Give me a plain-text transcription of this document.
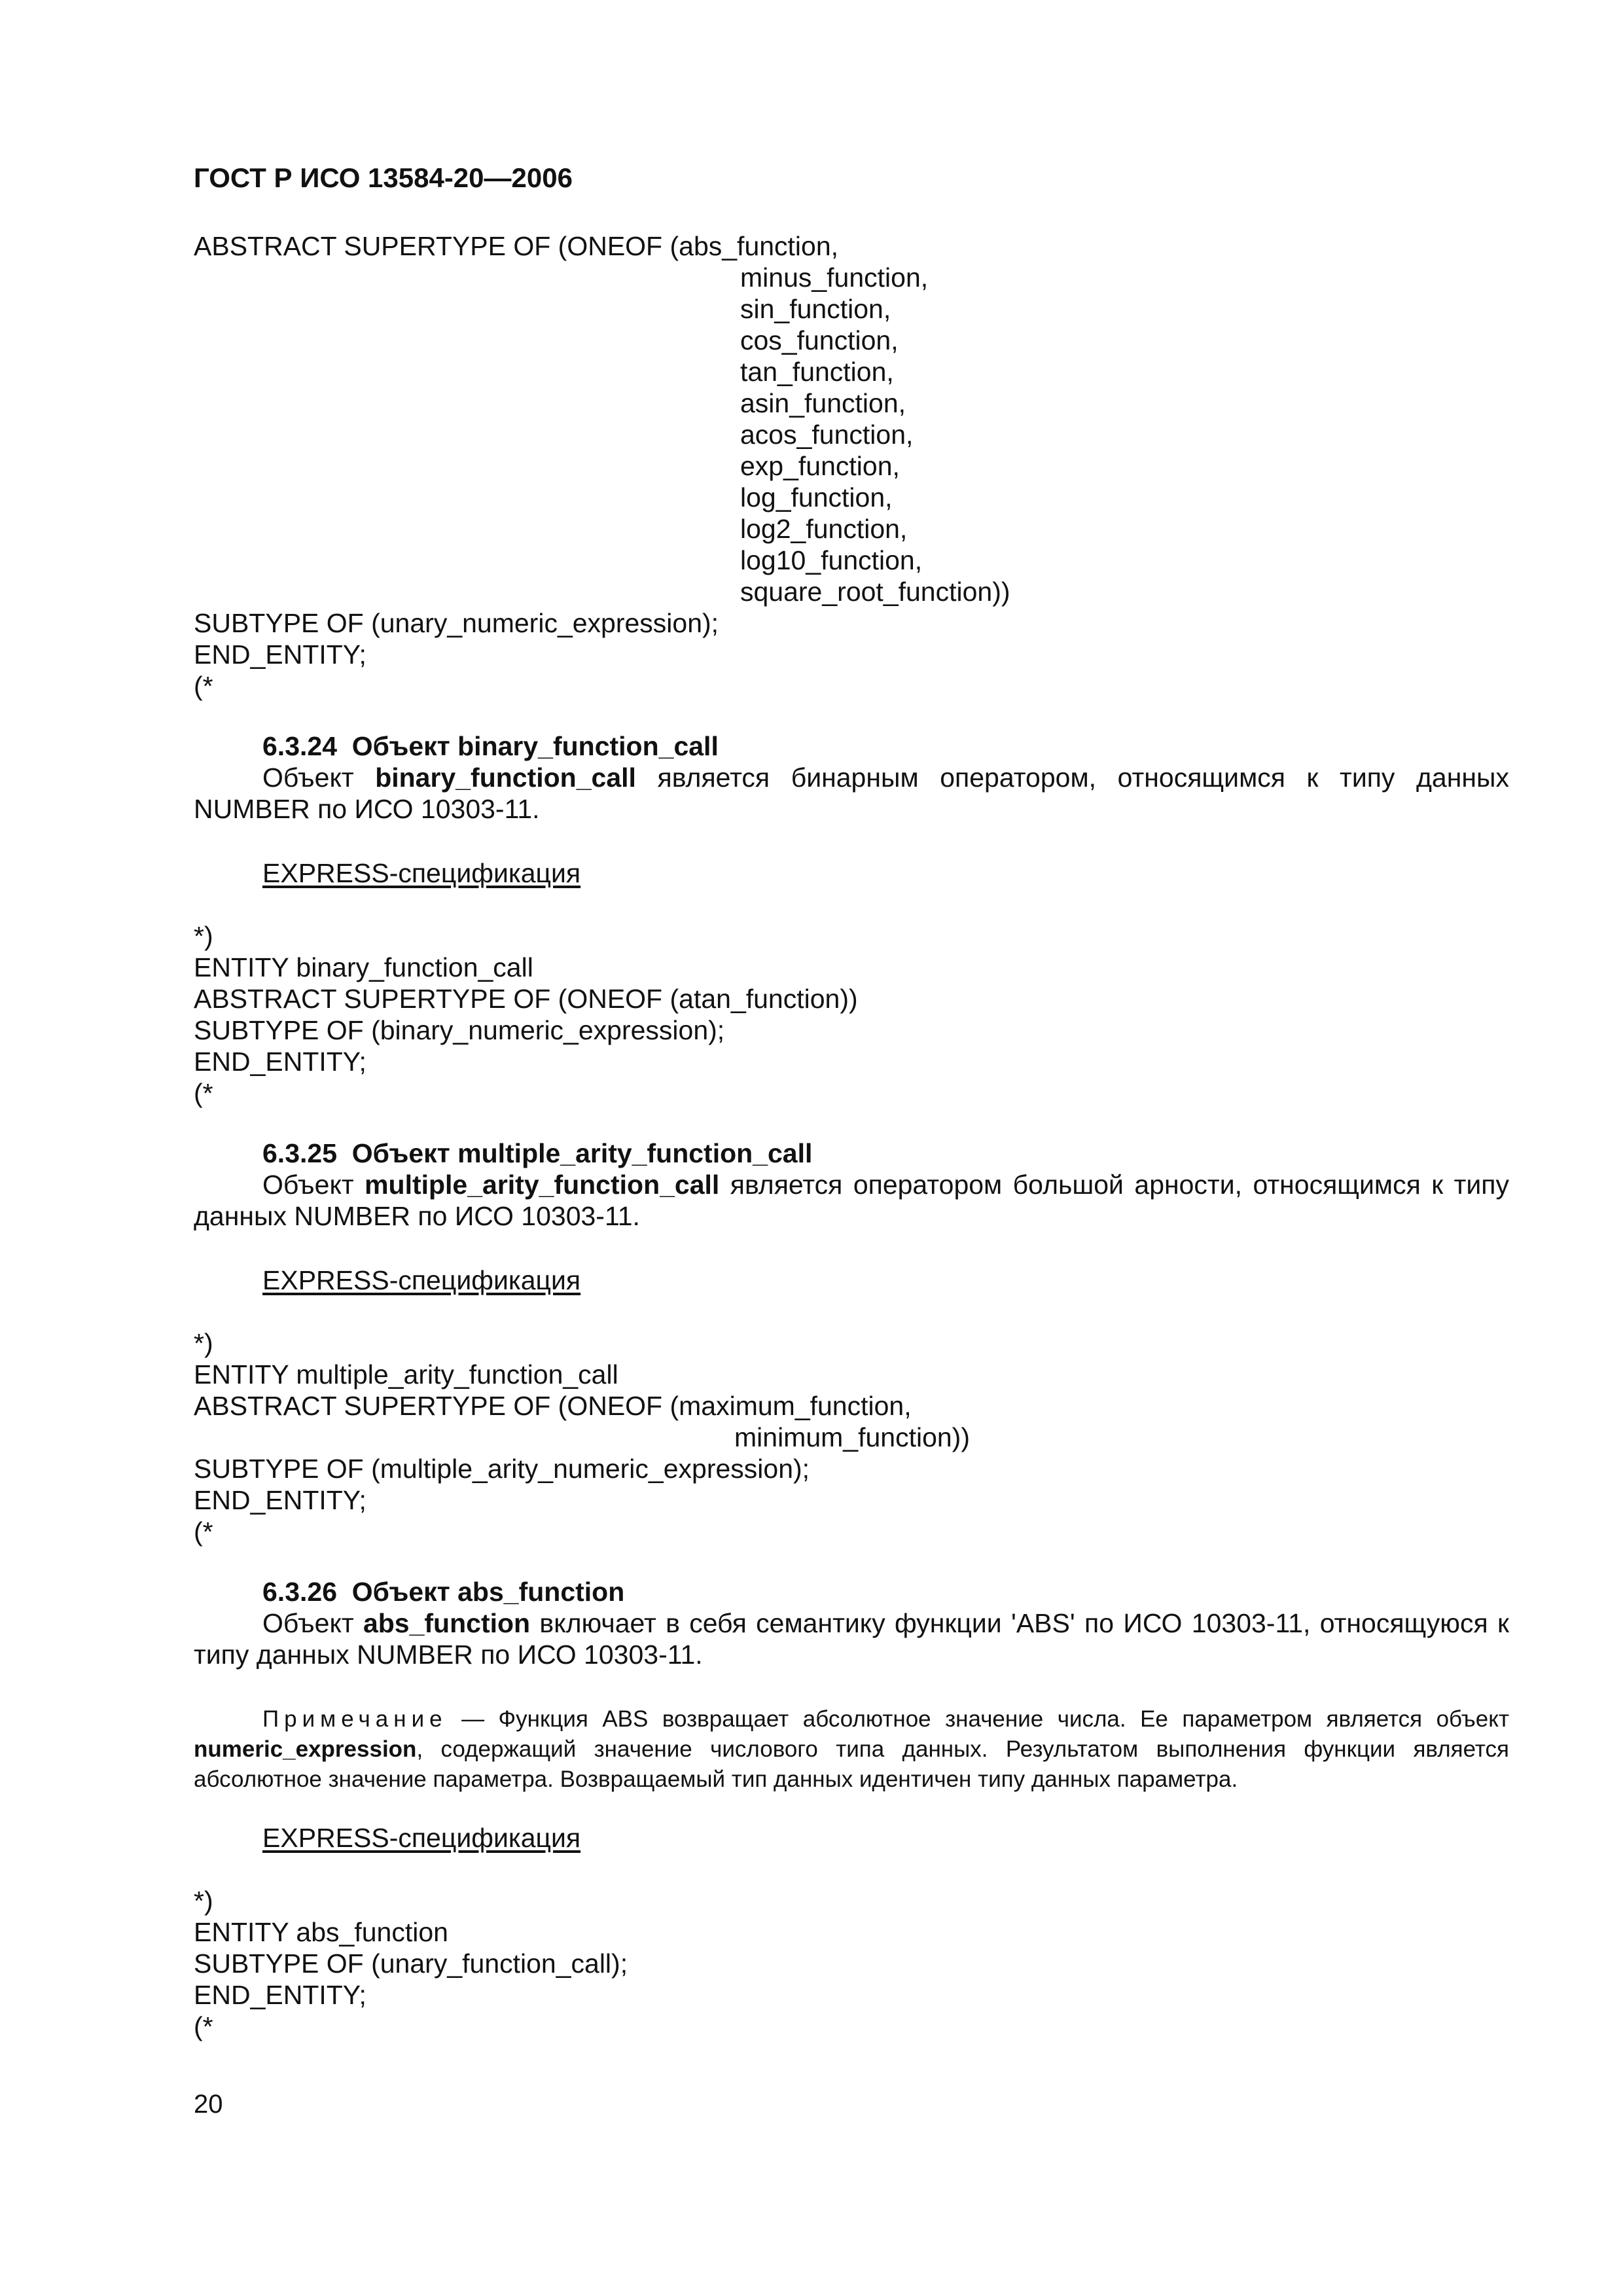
ГОСТ Р ИСО 13584-20—2006
ABSTRACT SUPERTYPE OF (ONEOF (abs_function,
minus_function,
sin_function,
cos_function,
tan_function,
asin_function,
acos_function,
exp_function,
log_function,
log2_function,
log10_function,
square_root_function))
SUBTYPE OF (unary_numeric_expression);
END_ENTITY;
(*
6.3.24  Объект binary_function_call
Объект binary_function_call является бинарным оператором, относящимся к типу данных NUMBER по ИСО 10303-11.
EXPRESS-спецификация
*)
ENTITY binary_function_call
ABSTRACT SUPERTYPE OF (ONEOF (atan_function))
SUBTYPE OF (binary_numeric_expression);
END_ENTITY;
(*
6.3.25  Объект multiple_arity_function_call
Объект multiple_arity_function_call является оператором большой арности, относящимся к типу данных NUMBER по ИСО 10303-11.
EXPRESS-спецификация
*)
ENTITY multiple_arity_function_call
ABSTRACT SUPERTYPE OF (ONEOF (maximum_function,
minimum_function))
SUBTYPE OF (multiple_arity_numeric_expression);
END_ENTITY;
(*
6.3.26  Объект abs_function
Объект abs_function включает в себя семантику функции 'ABS' по ИСО 10303-11, относящуюся к типу данных NUMBER по ИСО 10303-11.
Примечание — Функция ABS возвращает абсолютное значение числа. Ее параметром является объект numeric_expression, содержащий значение числового типа данных. Результатом выполнения функции является абсолютное значение параметра. Возвращаемый тип данных идентичен типу данных параметра.
EXPRESS-спецификация
*)
ENTITY abs_function
SUBTYPE OF (unary_function_call);
END_ENTITY;
(*
20
